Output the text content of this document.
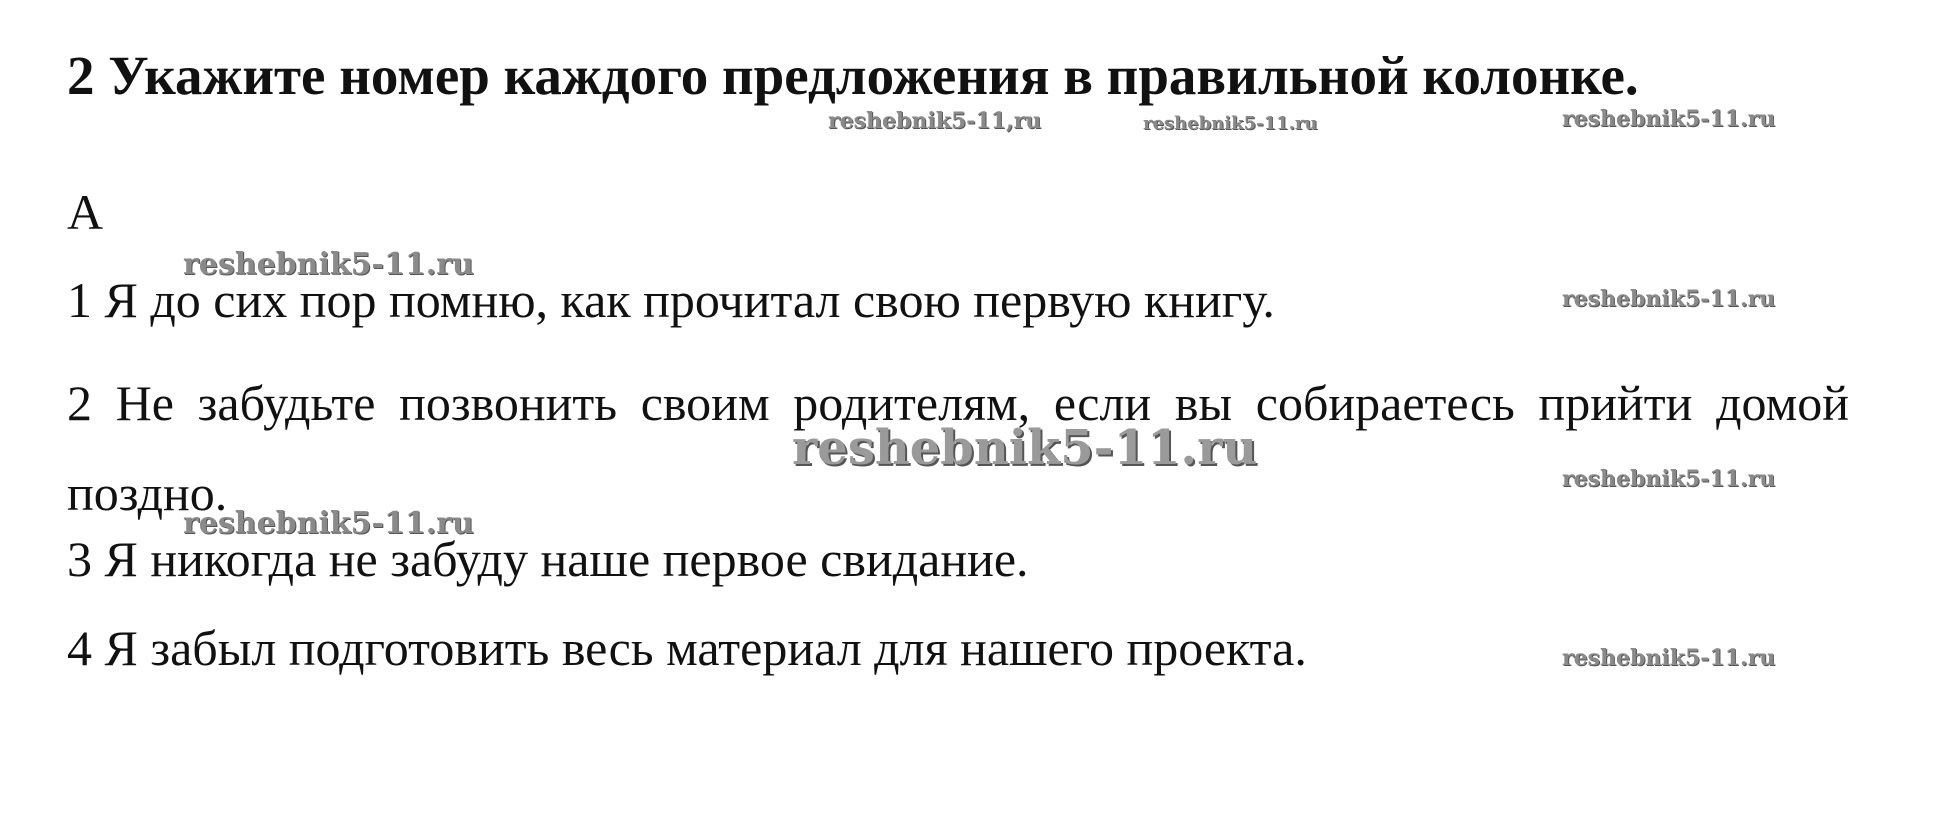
2 Укажите номер каждого предложения в правильной колонке.
A
1 Я до сих пор помню, как прочитал свою первую книгу.
2 Не забудьте позвонить своим родителям, если вы собираетесь прийти домой поздно.
3 Я никогда не забуду наше первое свидание.
4 Я забыл подготовить весь материал для нашего проекта.
reshebnik5-11,ru	reshebnik5-11.ru	reshebnik5-11.ru
reshebnik5-11.ru
reshebnik5-11.ru
reshebnik5-11.ru
reshebnik5-11.ru
reshebnik5-11.ru
reshebnik5-11.ru
